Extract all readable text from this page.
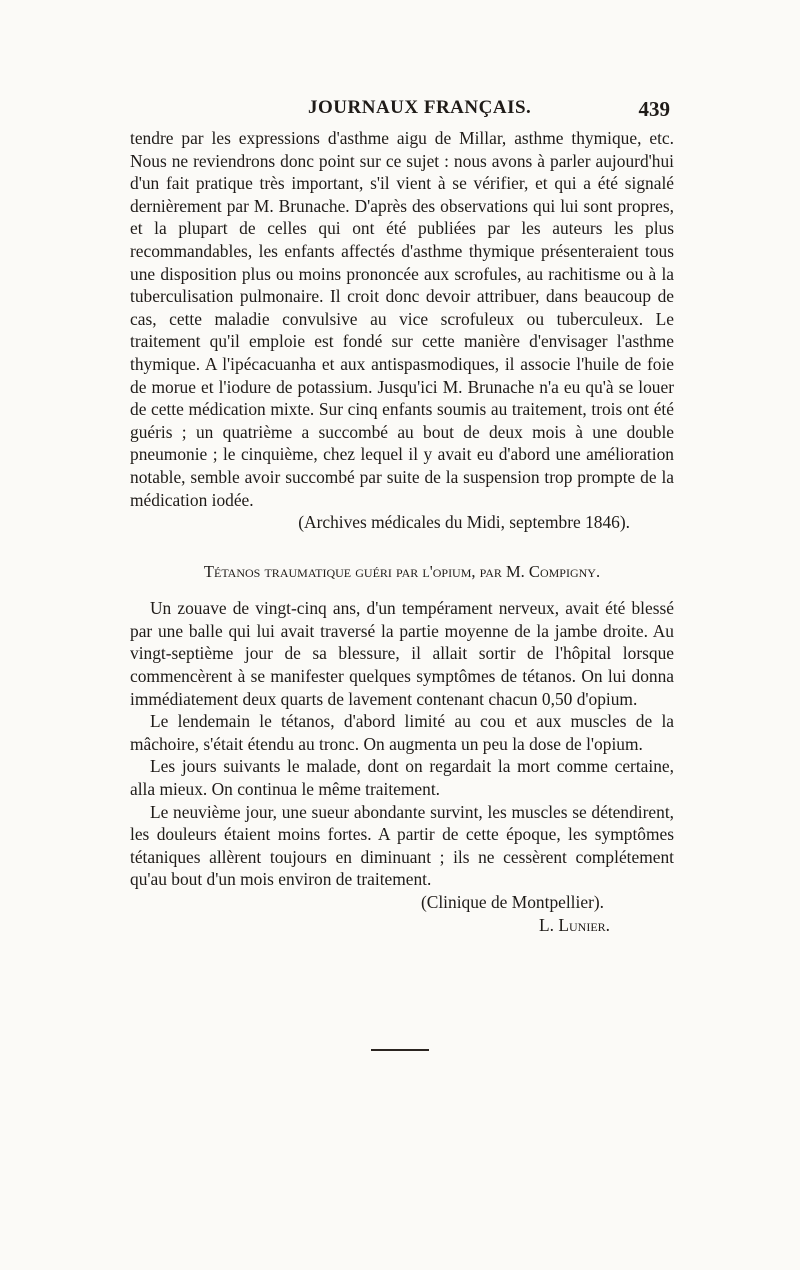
JOURNAUX FRANÇAIS.	439

tendre par les expressions d'asthme aigu de Millar, asthme thymique, etc. Nous ne reviendrons donc point sur ce sujet : nous avons à parler aujourd'hui d'un fait pratique très important, s'il vient à se vérifier, et qui a été signalé dernièrement par M. Brunache. D'après des observations qui lui sont propres, et la plupart de celles qui ont été publiées par les auteurs les plus recommandables, les enfants affectés d'asthme thymique présenteraient tous une disposition plus ou moins prononcée aux scrofules, au rachitisme ou à la tuberculisation pulmonaire. Il croit donc devoir attribuer, dans beaucoup de cas, cette maladie convulsive au vice scrofuleux ou tuberculeux. Le traitement qu'il emploie est fondé sur cette manière d'envisager l'asthme thymique. A l'ipécacuanha et aux antispasmodiques, il associe l'huile de foie de morue et l'iodure de potassium. Jusqu'ici M. Brunache n'a eu qu'à se louer de cette médication mixte. Sur cinq enfants soumis au traitement, trois ont été guéris ; un quatrième a succombé au bout de deux mois à une double pneumonie ; le cinquième, chez lequel il y avait eu d'abord une amélioration notable, semble avoir succombé par suite de la suspension trop prompte de la médication iodée.

(Archives médicales du Midi, septembre 1846).

Tétanos traumatique guéri par l'opium, par M. Compigny.

Un zouave de vingt-cinq ans, d'un tempérament nerveux, avait été blessé par une balle qui lui avait traversé la partie moyenne de la jambe droite. Au vingt-septième jour de sa blessure, il allait sortir de l'hôpital lorsque commencèrent à se manifester quelques symptômes de tétanos. On lui donna immédiatement deux quarts de lavement contenant chacun 0,50 d'opium.

Le lendemain le tétanos, d'abord limité au cou et aux muscles de la mâchoire, s'était étendu au tronc. On augmenta un peu la dose de l'opium.

Les jours suivants le malade, dont on regardait la mort comme certaine, alla mieux. On continua le même traitement.

Le neuvième jour, une sueur abondante survint, les muscles se détendirent, les douleurs étaient moins fortes. A partir de cette époque, les symptômes tétaniques allèrent toujours en diminuant ; ils ne cessèrent complétement qu'au bout d'un mois environ de traitement.

(Clinique de Montpellier).

L. Lunier.
